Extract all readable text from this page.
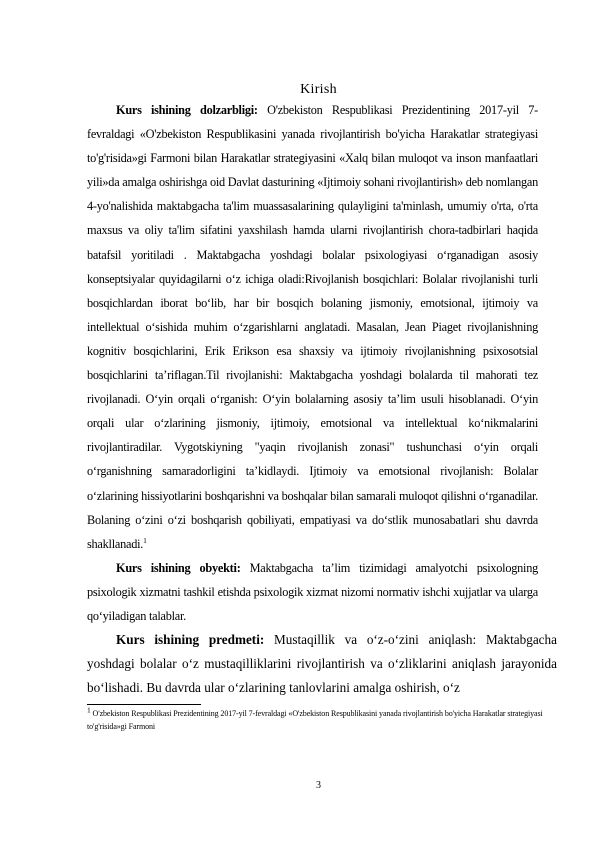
Kirish

Kurs ishining dolzarbligi: O'zbekiston Respublikasi Prezidentining 2017-yil 7-fevraldagi «O'zbekiston Respublikasini yanada rivojlantirish bo'yicha Harakatlar strategiyasi to'g'risida»gi Farmoni bilan Harakatlar strategiyasini «Xalq bilan muloqot va inson manfaatlari yili»da amalga oshirishga oid Davlat dasturining «Ijtimoiy sohani rivojlantirish» deb nomlangan 4-yo'nalishida maktabgacha ta'lim muassasalarining qulayligini ta'minlash, umumiy o'rta, o'rta maxsus va oliy ta'lim sifatini yaxshilash hamda ularni rivojlantirish chora-tadbirlari haqida batafsil yoritiladi . Maktabgacha yoshdagi bolalar psixologiyasi o‘rganadigan asosiy konseptsiyalar quyidagilarni o‘z ichiga oladi:Rivojlanish bosqichlari: Bolalar rivojlanishi turli bosqichlardan iborat bo‘lib, har bir bosqich bolaning jismoniy, emotsional, ijtimoiy va intellektual o‘sishida muhim o‘zgarishlarni anglatadi. Masalan, Jean Piaget rivojlanishning kognitiv bosqichlarini, Erik Erikson esa shaxsiy va ijtimoiy rivojlanishning psixosotsial bosqichlarini ta’riflagan.Til rivojlanishi: Maktabgacha yoshdagi bolalarda til mahorati tez rivojlanadi. O‘yin orqali o‘rganish: O‘yin bolalarning asosiy ta’lim usuli hisoblanadi. O‘yin orqali ular o‘zlarining jismoniy, ijtimoiy, emotsional va intellektual ko‘nikmalarini rivojlantiradilar. Vygotskiyning "yaqin rivojlanish zonasi" tushunchasi o‘yin orqali o‘rganishning samaradorligini ta’kidlaydi. Ijtimoiy va emotsional rivojlanish: Bolalar o‘zlarining hissiyotlarini boshqarishni va boshqalar bilan samarali muloqot qilishni o‘rganadilar. Bolaning o‘zini o‘zi boshqarish qobiliyati, empatiyasi va do‘stlik munosabatlari shu davrda shakllanadi.$^1$

Kurs ishining obyekti: Maktabgacha ta’lim tizimidagi amalyotchi psixologning psixologik xizmatni tashkil etishda psixologik xizmat nizomi normativ ishchi xujjatlar va ularga qo‘yiladigan talablar.

Kurs ishining predmeti: Mustaqillik va o‘z-o‘zini aniqlash: Maktabgacha yoshdagi bolalar o‘z mustaqilliklarini rivojlantirish va o‘zliklarini aniqlash jarayonida bo‘lishadi. Bu davrda ular o‘zlarining tanlovlarini amalga oshirish, o‘z
$^1$ O'zbekiston Respublikasi Prezidentining 2017-yil 7-fevraldagi «O'zbekiston Respublikasini yanada rivojlantirish bo'yicha Harakatlar strategiyasi to'g'risida»gi Farmoni
3
